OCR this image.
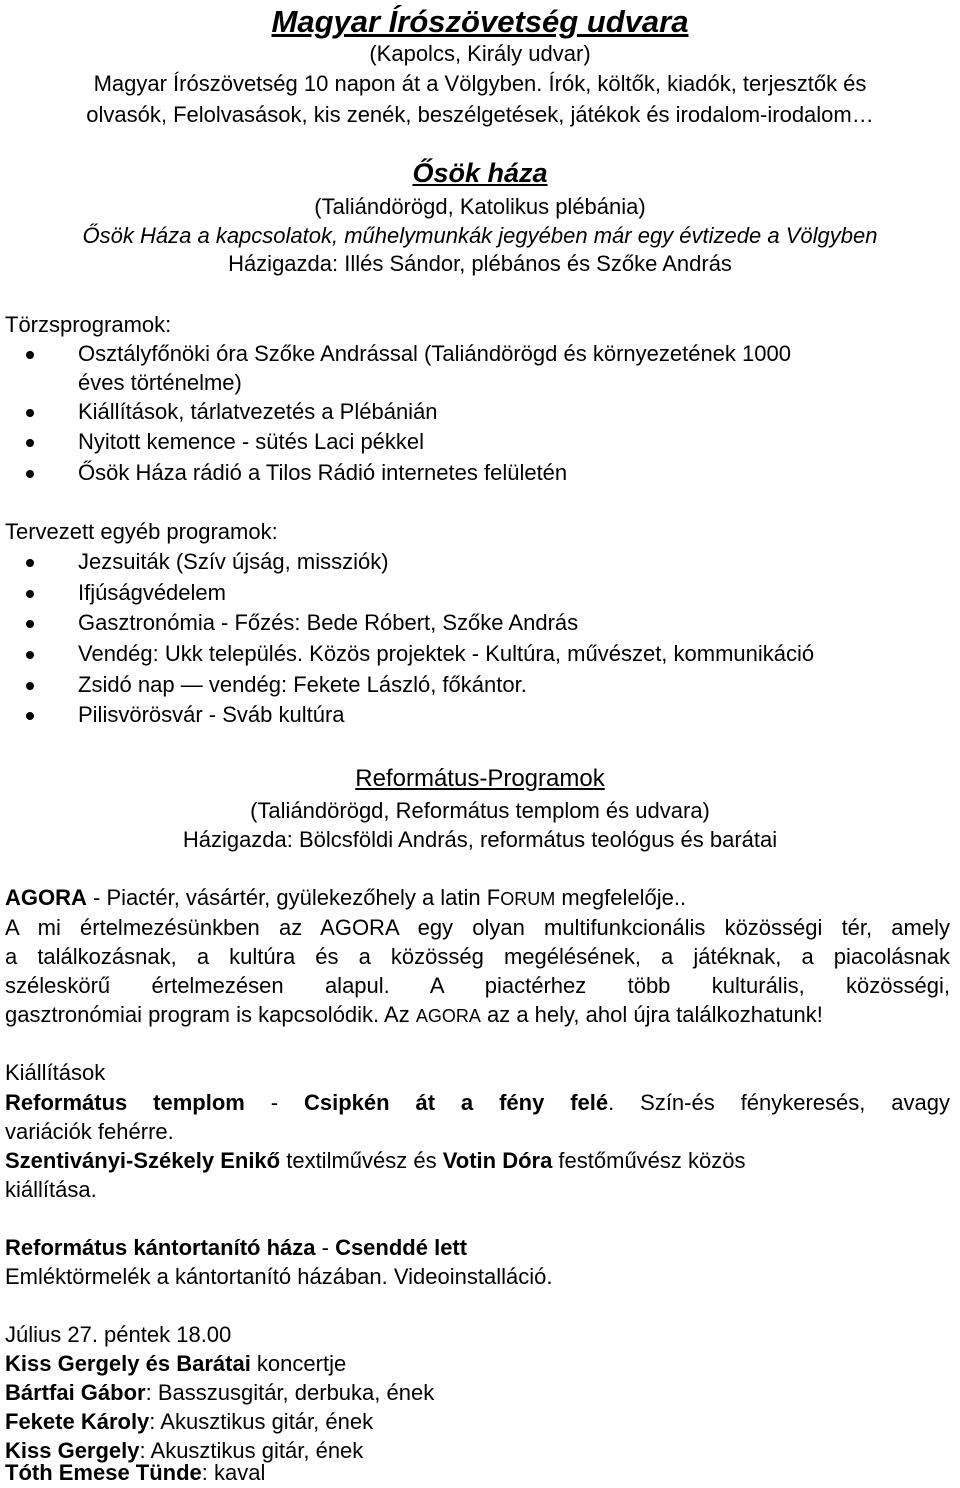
Magyar Írószövetség udvara
(Kapolcs, Király udvar)
Magyar Írószövetség 10 napon át a Völgyben. Írók, költők, kiadók, terjesztők és
olvasók, Felolvasások, kis zenék, beszélgetések, játékok és irodalom-irodalom…
Ősök háza
(Taliándörögd, Katolikus plébánia)
Ősök Háza a kapcsolatok, műhelymunkák jegyében már egy évtizede a Völgyben
Házigazda: Illés Sándor, plébános és Szőke András
Törzsprogramok:
Osztályfőnöki óra Szőke Andrással (Taliándörögd és környezetének 1000
éves történelme)
Kiállítások, tárlatvezetés a Plébánián
Nyitott kemence - sütés Laci pékkel
Ősök Háza rádió a Tilos Rádió internetes felületén
Tervezett egyéb programok:
Jezsuiták (Szív újság, missziók)
Ifjúságvédelem
Gasztronómia - Főzés: Bede Róbert, Szőke András
Vendég: Ukk település. Közös projektek - Kultúra, művészet, kommunikáció
Zsidó nap — vendég: Fekete László, főkántor.
Pilisvörösvár - Sváb kultúra
Református-Programok
(Taliándörögd, Református templom és udvara)
Házigazda: Bölcsföldi András, református teológus és barátai
AGORA - Piactér, vásártér, gyülekezőhely a latin FORUM megfelelője..
A mi értelmezésünkben az AGORA egy olyan multifunkcionális közösségi tér, amely
a találkozásnak, a kultúra és a közösség megélésének, a játéknak, a piacolásnak
széleskörű értelmezésen alapul. A piactérhez több kulturális, közösségi,
gasztronómiai program is kapcsolódik. Az AGORA az a hely, ahol újra találkozhatunk!
Kiállítások
Református templom - Csipkén át a fény felé. Szín-és fénykeresés, avagy
variációk fehérre.
Szentiványi-Székely Enikő textilművész és Votin Dóra festőművész közös
kiállítása.
Református kántortanító háza - Csenddé lett
Emléktörmelék a kántortanító házában. Videoinstalláció.
Július 27. péntek 18.00
Kiss Gergely és Barátai koncertje
Bártfai Gábor: Basszusgitár, derbuka, ének
Fekete Károly: Akusztikus gitár, ének
Kiss Gergely: Akusztikus gitár, ének
Tóth Emese Tünde: kaval
